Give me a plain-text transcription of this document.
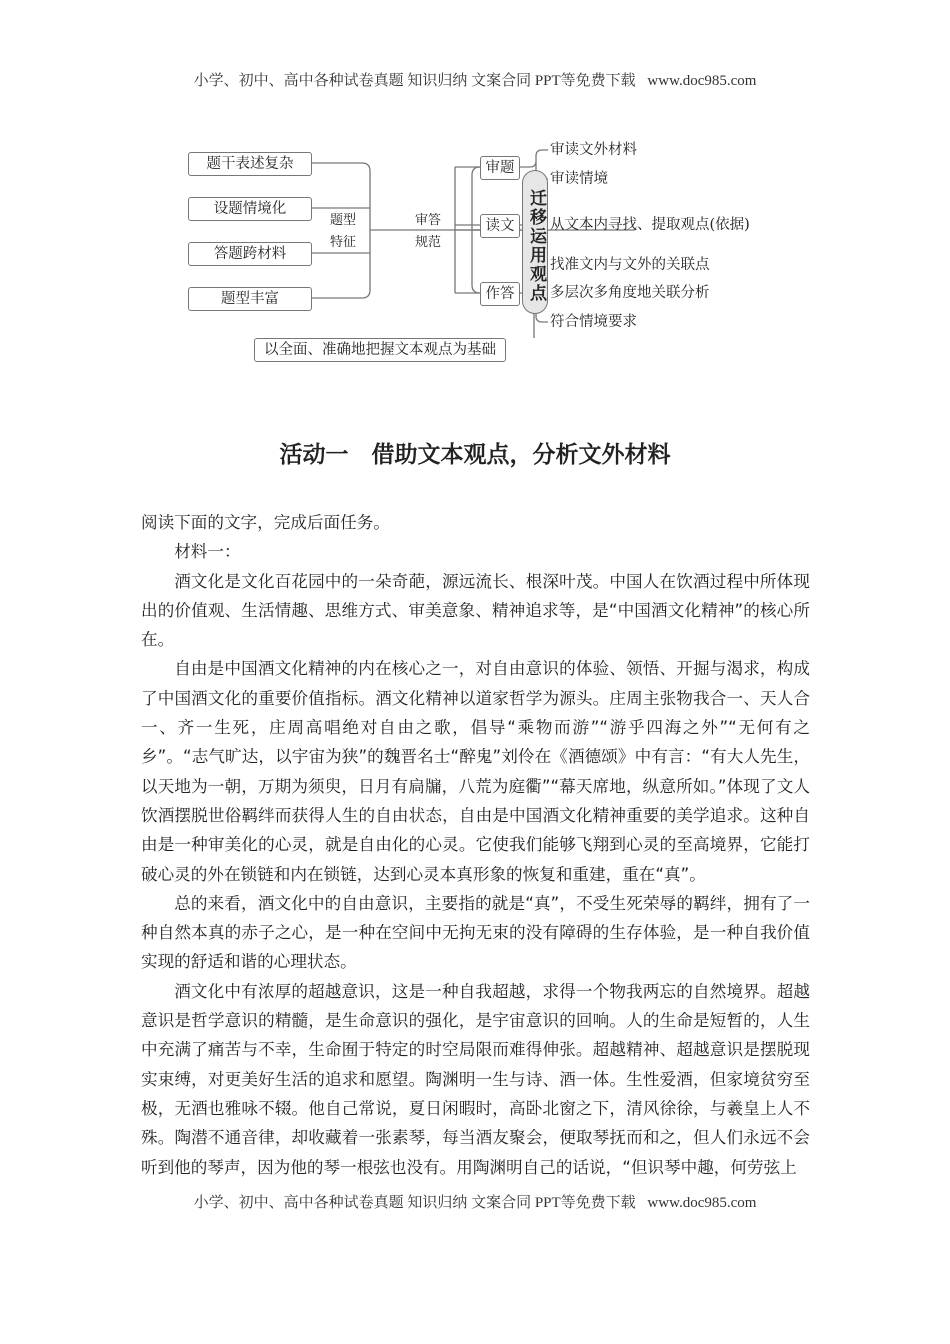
小学、初中、高中各种试卷真题 知识归纳 文案合同 PPT等免费下载 www.doc985.com
题干表述复杂
设题情境化
答题跨材料
题型丰富
题型特征	迁移运用观点
审答规范
审题
读文
作答
审读文外材料
审读情境
从文本内寻找、提取观点(依据)
找准文内与文外的关联点
多层次多角度地关联分析
符合情境要求
以全面、准确地把握文本观点为基础
活动一　借助文本观点，分析文外材料

阅读下面的文字，完成后面任务。

材料一：

酒文化是文化百花园中的一朵奇葩，源远流长、根深叶茂。中国人在饮酒过程中所体现出的价值观、生活情趣、思维方式、审美意象、精神追求等，是“中国酒文化精神”的核心所在。

自由是中国酒文化精神的内在核心之一，对自由意识的体验、领悟、开掘与渴求，构成了中国酒文化的重要价值指标。酒文化精神以道家哲学为源头。庄周主张物我合一、天人合一、齐一生死，庄周高唱绝对自由之歌，倡导“乘物而游”“游乎四海之外”“无何有之乡”。“志气旷达，以宇宙为狭”的魏晋名士“醉鬼”刘伶在《酒德颂》中有言：“有大人先生，以天地为一朝，万期为须臾，日月有扃牖，八荒为庭衢”“幕天席地，纵意所如。”体现了文人饮酒摆脱世俗羁绊而获得人生的自由状态，自由是中国酒文化精神重要的美学追求。这种自由是一种审美化的心灵，就是自由化的心灵。它使我们能够飞翔到心灵的至高境界，它能打破心灵的外在锁链和内在锁链，达到心灵本真形象的恢复和重建，重在“真”。

总的来看，酒文化中的自由意识，主要指的就是“真”，不受生死荣辱的羁绊，拥有了一种自然本真的赤子之心，是一种在空间中无拘无束的没有障碍的生存体验，是一种自我价值实现的舒适和谐的心理状态。

酒文化中有浓厚的超越意识，这是一种自我超越，求得一个物我两忘的自然境界。超越意识是哲学意识的精髓，是生命意识的强化，是宇宙意识的回响。人的生命是短暂的，人生中充满了痛苦与不幸，生命囿于特定的时空局限而难得伸张。超越精神、超越意识是摆脱现实束缚，对更美好生活的追求和愿望。陶渊明一生与诗、酒一体。生性爱酒，但家境贫穷至极，无酒也雅咏不辍。他自己常说，夏日闲暇时，高卧北窗之下，清风徐徐，与羲皇上人不殊。陶潜不通音律，却收藏着一张素琴，每当酒友聚会，便取琴抚而和之，但人们永远不会听到他的琴声，因为他的琴一根弦也没有。用陶渊明自己的话说，“但识琴中趣，何劳弦上

小学、初中、高中各种试卷真题 知识归纳 文案合同 PPT等免费下载 www.doc985.com
